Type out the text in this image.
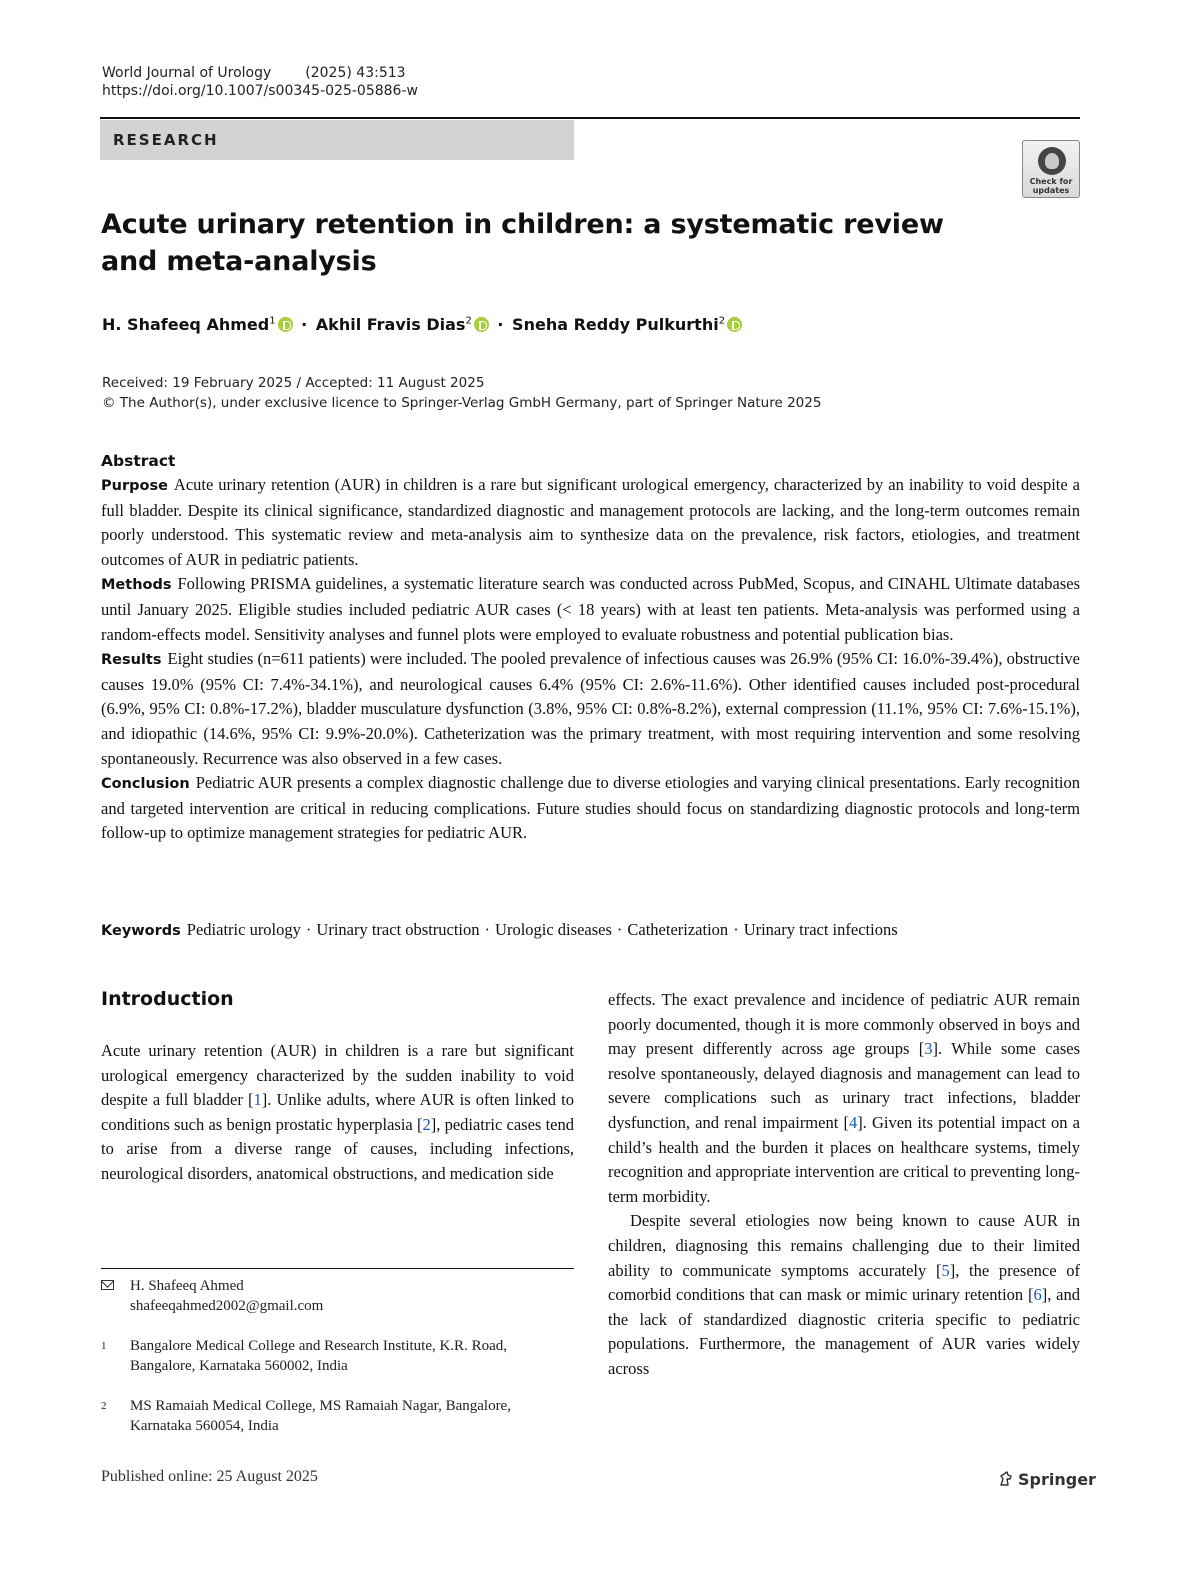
World Journal of Urology (2025) 43:513
https://doi.org/10.1007/s00345-025-05886-w
RESEARCH
Check for updates
Acute urinary retention in children: a systematic review and meta-analysis
H. Shafeeq Ahmed$^1$ · Akhil Fravis Dias$^2$ · Sneha Reddy Pulkurthi$^2$
Received: 19 February 2025 / Accepted: 11 August 2025
© The Author(s), under exclusive licence to Springer-Verlag GmbH Germany, part of Springer Nature 2025
Abstract

Purpose Acute urinary retention (AUR) in children is a rare but significant urological emergency, characterized by an inability to void despite a full bladder. Despite its clinical significance, standardized diagnostic and management protocols are lacking, and the long-term outcomes remain poorly understood. This systematic review and meta-analysis aim to synthesize data on the prevalence, risk factors, etiologies, and treatment outcomes of AUR in pediatric patients.

Methods Following PRISMA guidelines, a systematic literature search was conducted across PubMed, Scopus, and CINAHL Ultimate databases until January 2025. Eligible studies included pediatric AUR cases (< 18 years) with at least ten patients. Meta-analysis was performed using a random-effects model. Sensitivity analyses and funnel plots were employed to evaluate robustness and potential publication bias.

Results Eight studies (n=611 patients) were included. The pooled prevalence of infectious causes was 26.9% (95% CI: 16.0%-39.4%), obstructive causes 19.0% (95% CI: 7.4%-34.1%), and neurological causes 6.4% (95% CI: 2.6%-11.6%). Other identified causes included post-procedural (6.9%, 95% CI: 0.8%-17.2%), bladder musculature dysfunction (3.8%, 95% CI: 0.8%-8.2%), external compression (11.1%, 95% CI: 7.6%-15.1%), and idiopathic (14.6%, 95% CI: 9.9%-20.0%). Catheterization was the primary treatment, with most requiring intervention and some resolving spontaneously. Recurrence was also observed in a few cases.

Conclusion Pediatric AUR presents a complex diagnostic challenge due to diverse etiologies and varying clinical presentations. Early recognition and targeted intervention are critical in reducing complications. Future studies should focus on standardizing diagnostic protocols and long-term follow-up to optimize management strategies for pediatric AUR.

Keywords Pediatric urology · Urinary tract obstruction · Urologic diseases · Catheterization · Urinary tract infections
Introduction

Acute urinary retention (AUR) in children is a rare but significant urological emergency characterized by the sudden inability to void despite a full bladder [1]. Unlike adults, where AUR is often linked to conditions such as benign prostatic hyperplasia [2], pediatric cases tend to arise from a diverse range of causes, including infections, neurological disorders, anatomical obstructions, and medication side

effects. The exact prevalence and incidence of pediatric AUR remain poorly documented, though it is more commonly observed in boys and may present differently across age groups [3]. While some cases resolve spontaneously, delayed diagnosis and management can lead to severe complications such as urinary tract infections, bladder dysfunction, and renal impairment [4]. Given its potential impact on a child’s health and the burden it places on healthcare systems, timely recognition and appropriate intervention are critical to preventing long-term morbidity.

Despite several etiologies now being known to cause AUR in children, diagnosing this remains challenging due to their limited ability to communicate symptoms accurately [5], the presence of comorbid conditions that can mask or mimic urinary retention [6], and the lack of standardized diagnostic criteria specific to pediatric populations. Furthermore, the management of AUR varies widely across

H. Shafeeq Ahmed
shafeeqahmed2002@gmail.com
1 Bangalore Medical College and Research Institute, K.R. Road, Bangalore, Karnataka 560002, India
2 MS Ramaiah Medical College, MS Ramaiah Nagar, Bangalore, Karnataka 560054, India
Published online: 25 August 2025	Springer
